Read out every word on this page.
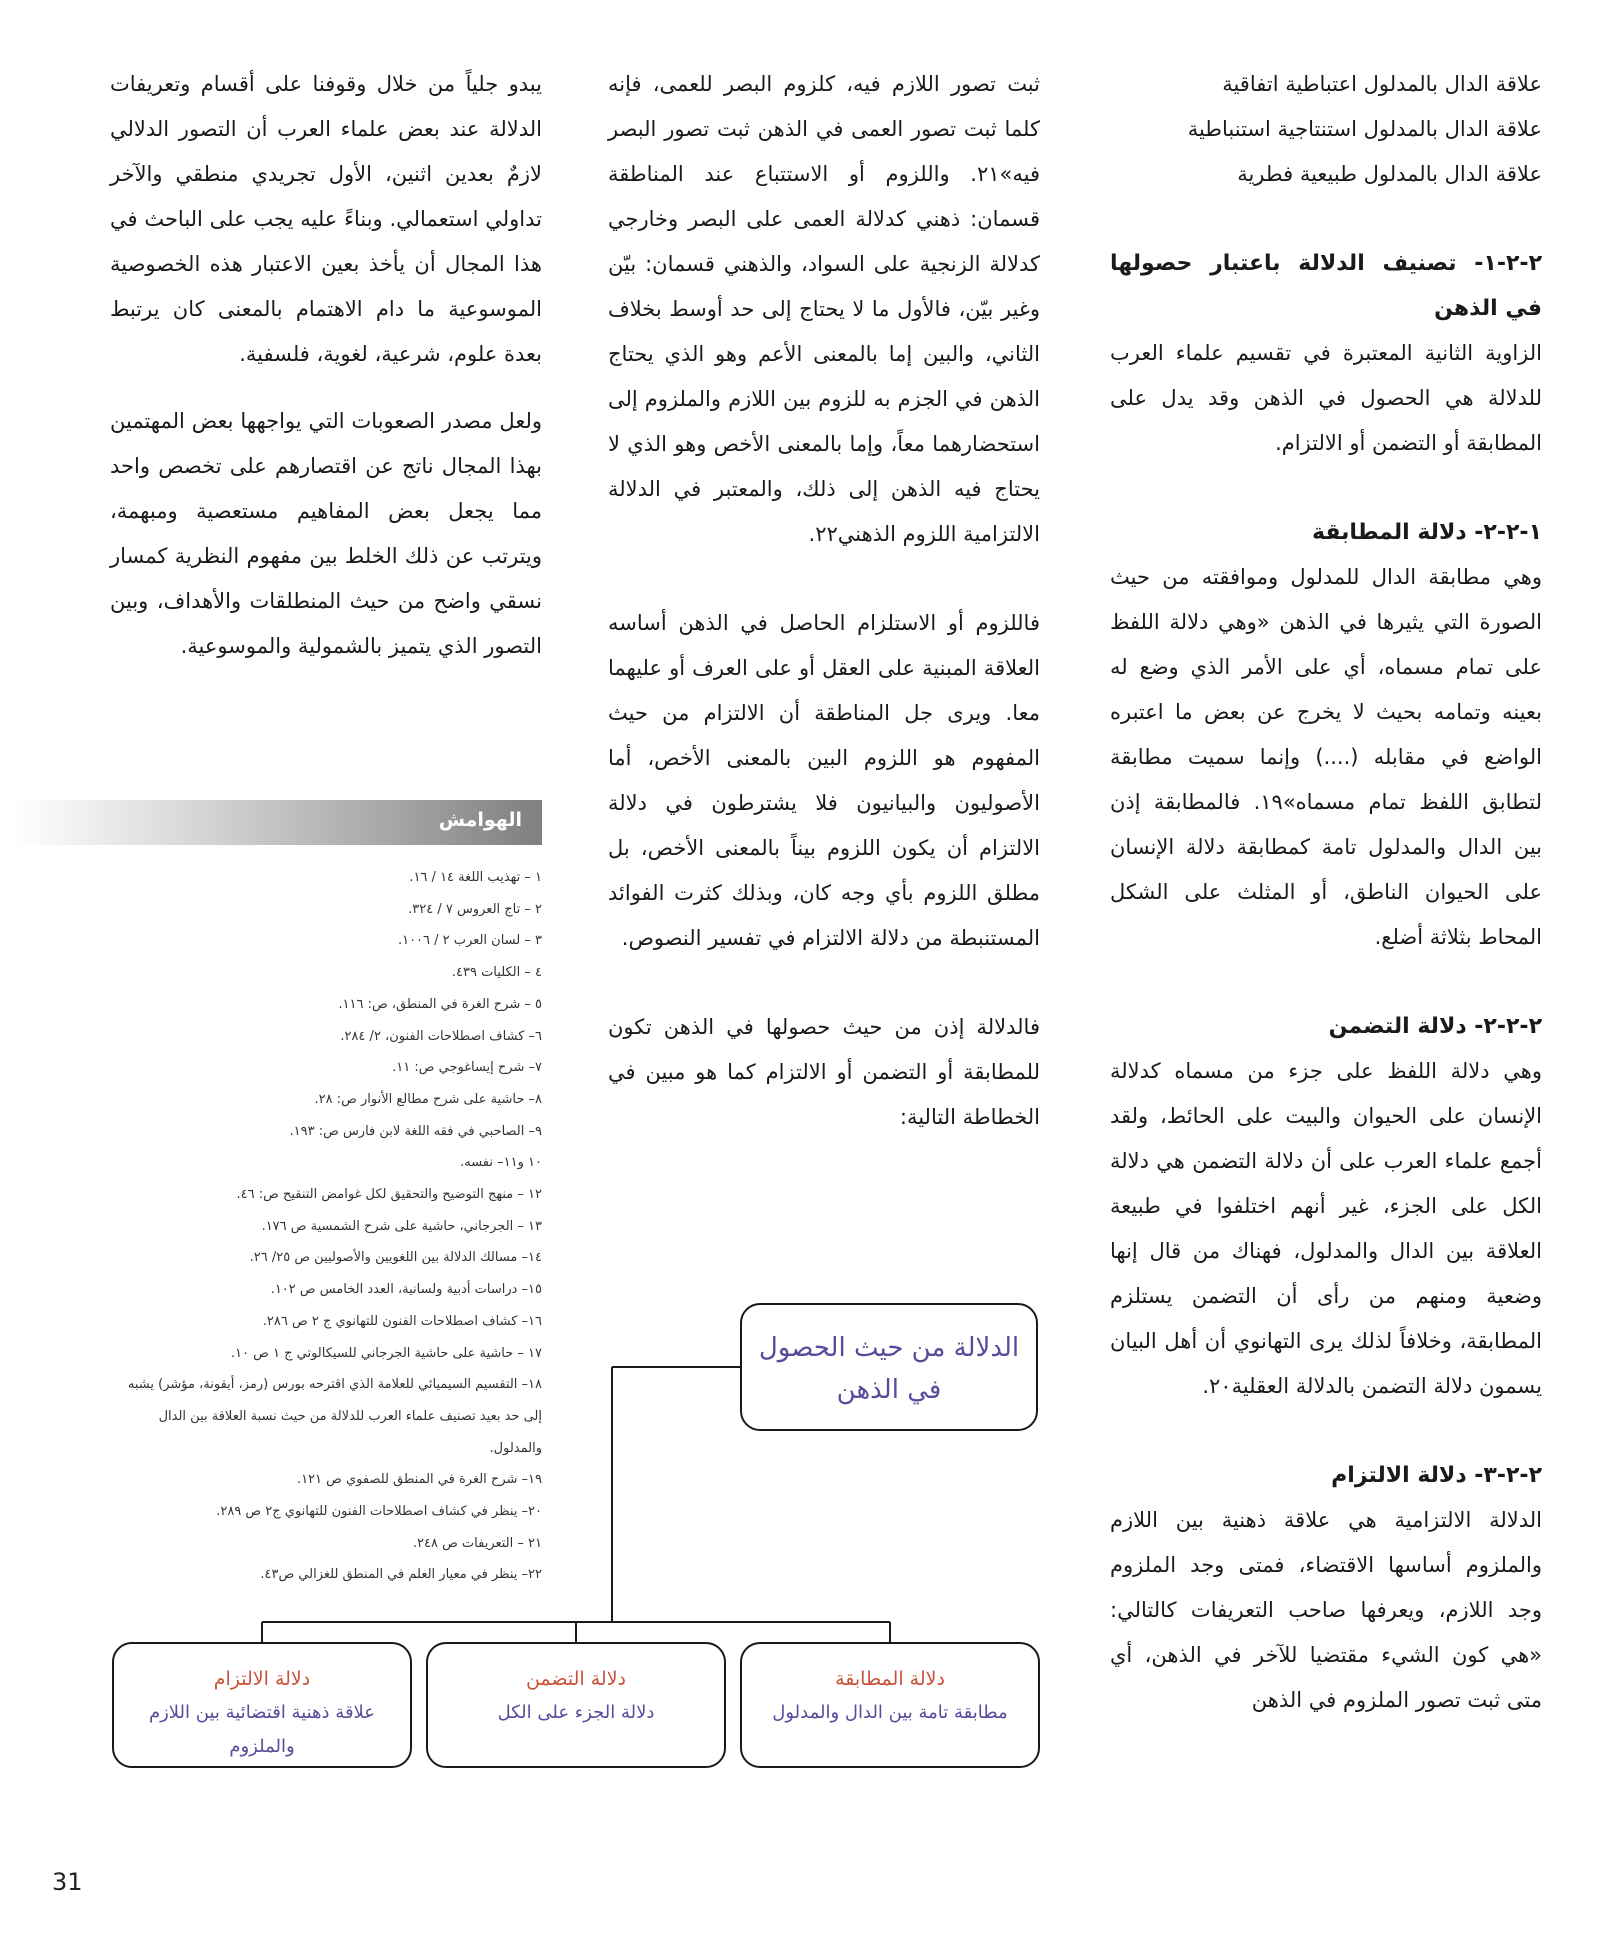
علاقة الدال بالمدلول اعتباطية اتفاقية

علاقة الدال بالمدلول استنتاجية استنباطية

علاقة الدال بالمدلول طبيعية فطرية

٢-٢-١- تصنيف الدلالة باعتبار حصولها في الذهن

الزاوية الثانية المعتبرة في تقسيم علماء العرب للدلالة هي الحصول في الذهن وقد يدل على المطابقة أو التضمن أو الالتزام.

١-٢-٢- دلالة المطابقة

وهي مطابقة الدال للمدلول وموافقته من حيث الصورة التي يثيرها في الذهن «وهي دلالة اللفظ على تمام مسماه، أي على الأمر الذي وضع له بعينه وتمامه بحيث لا يخرج عن بعض ما اعتبره الواضع في مقابله (....) وإنما سميت مطابقة لتطابق اللفظ تمام مسماه»١٩. فالمطابقة إذن بين الدال والمدلول تامة كمطابقة دلالة الإنسان على الحيوان الناطق، أو المثلث على الشكل المحاط بثلاثة أضلع.

٢-٢-٢- دلالة التضمن

وهي دلالة اللفظ على جزء من مسماه كدلالة الإنسان على الحيوان والبيت على الحائط، ولقد أجمع علماء العرب على أن دلالة التضمن هي دلالة الكل على الجزء، غير أنهم اختلفوا في طبيعة العلاقة بين الدال والمدلول، فهناك من قال إنها وضعية ومنهم من رأى أن التضمن يستلزم المطابقة، وخلافاً لذلك يرى التهانوي أن أهل البيان يسمون دلالة التضمن بالدلالة العقلية٢٠.

٢-٢-٣- دلالة الالتزام

الدلالة الالتزامية هي علاقة ذهنية بين اللازم والملزوم أساسها الاقتضاء، فمتى وجد الملزوم وجد اللازم، ويعرفها صاحب التعريفات كالتالي: «هي كون الشيء مقتضيا للآخر في الذهن، أي متى ثبت تصور الملزوم في الذهن

ثبت تصور اللازم فيه، كلزوم البصر للعمى، فإنه كلما ثبت تصور العمى في الذهن ثبت تصور البصر فيه»٢١. واللزوم أو الاستتباع عند المناطقة قسمان: ذهني كدلالة العمى على البصر وخارجي كدلالة الزنجية على السواد، والذهني قسمان: بيّن وغير بيّن، فالأول ما لا يحتاج إلى حد أوسط بخلاف الثاني، والبين إما بالمعنى الأعم وهو الذي يحتاج الذهن في الجزم به للزوم بين اللازم والملزوم إلى استحضارهما معاً، وإما بالمعنى الأخص وهو الذي لا يحتاج فيه الذهن إلى ذلك، والمعتبر في الدلالة الالتزامية اللزوم الذهني٢٢.

فاللزوم أو الاستلزام الحاصل في الذهن أساسه العلاقة المبنية على العقل أو على العرف أو عليهما معا. ويرى جل المناطقة أن الالتزام من حيث المفهوم هو اللزوم البين بالمعنى الأخص، أما الأصوليون والبيانيون فلا يشترطون في دلالة الالتزام أن يكون اللزوم بيناً بالمعنى الأخص، بل مطلق اللزوم بأي وجه كان، وبذلك كثرت الفوائد المستنبطة من دلالة الالتزام في تفسير النصوص.

فالدلالة إذن من حيث حصولها في الذهن تكون للمطابقة أو التضمن أو الالتزام كما هو مبين في الخطاطة التالية:

يبدو جلياً من خلال وقوفنا على أقسام وتعريفات الدلالة عند بعض علماء العرب أن التصور الدلالي لازمٌ بعدين اثنين، الأول تجريدي منطقي والآخر تداولي استعمالي. وبناءً عليه يجب على الباحث في هذا المجال أن يأخذ بعين الاعتبار هذه الخصوصية الموسوعية ما دام الاهتمام بالمعنى كان يرتبط بعدة علوم، شرعية، لغوية، فلسفية.

ولعل مصدر الصعوبات التي يواجهها بعض المهتمين بهذا المجال ناتج عن اقتصارهم على تخصص واحد مما يجعل بعض المفاهيم مستعصية ومبهمة، ويترتب عن ذلك الخلط بين مفهوم النظرية كمسار نسقي واضح من حيث المنطلقات والأهداف، وبين التصور الذي يتميز بالشمولية والموسوعية.

الهوامش
١ – تهذيب اللغة ١٤ / ١٦.
٢ – تاج العروس ٧ / ٣٢٤.
٣ – لسان العرب ٢ / ١٠٠٦.
٤ – الكليات ٤٣٩.
٥ – شرح الغرة في المنطق، ص: ١١٦.
٦– كشاف اصطلاحات الفنون، ٢/ ٢٨٤.
٧– شرح إيساغوجي ص: ١١.
٨– حاشية على شرح مطالع الأنوار ص: ٢٨.
٩– الصاحبي في فقه اللغة لابن فارس ص: ١٩٣.
١٠ و١١– نفسه.
١٢ – منهج التوضيح والتحقيق لكل غوامض التنقيح ص: ٤٦.
١٣ – الجرجاني، حاشية على شرح الشمسية ص ١٧٦.
١٤– مسالك الدلالة بين اللغويين والأصوليين ص ٢٥/ ٢٦.
١٥– دراسات أدبية ولسانية، العدد الخامس ص ١٠٢.
١٦– كشاف اصطلاحات الفنون للتهانوي ج ٢ ص ٢٨٦.
١٧ – حاشية على حاشية الجرجاني للسيكالوتي ج ١ ص ١٠.
١٨– التقسيم السيميائي للعلامة الذي اقترحه بورس (رمز، أيقونة، مؤشر) يشبه إلى حد بعيد تصنيف علماء العرب للدلالة من حيث نسبة العلاقة بين الدال والمدلول.
١٩– شرح الغرة في المنطق للصفوي ص ١٢١.
٢٠– ينظر في كشاف اصطلاحات الفنون للتهانوي ج٢ ص ٢٨٩.
٢١ – التعريفات ص ٢٤٨.
٢٢– ينظر في معيار العلم في المنطق للغزالي ص٤٣.
الدلالة من حيث الحصول في الذهن
دلالة المطابقة
مطابقة تامة بين الدال والمدلول
دلالة التضمن
دلالة الجزء على الكل
دلالة الالتزام
علاقة ذهنية اقتضائية بين اللازم والملزوم
31
